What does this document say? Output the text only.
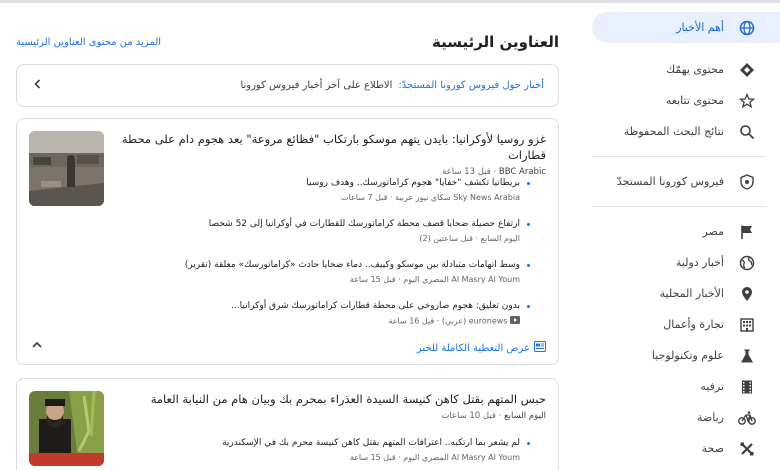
أهم الأخبار
محتوى يهمّك
محتوى تتابعه
نتائج البحث المحفوظة
فيروس كورونا المستجدّ
مصر
أخبار دولية
الأخبار المحلية
تجارة وأعمال
علوم وتكنولوجيا
ترفيه
رياضة
صحة
العناوين الرئيسية
المزيد من محتوى العناوين الرئيسية
أخبار حول فيروس كورونا المستجدّ:
الاطلاع على آخر أخبار فيروس كورونا
غزو روسيا لأوكرانيا: بايدن يتهم موسكو بارتكاب "فظائع مروعة" بعد هجوم دام على محطة قطارات
BBC Arabic · قبل 13 ساعة
بريطانيا تكشف "خفايا" هجوم كراماتورسك.. وهدف روسيا
Sky News Arabia سكاي نيوز عربية · قبل 7 ساعات
ارتفاع حصيلة ضحايا قصف محطة كراماتورسك للقطارات في أوكرانيا إلى 52 شخصا
اليوم السابع · قبل ساعتين (2)
وسط اتهامات متبادلة بين موسكو وكييف.. دماء ضحايا حادث «كراماتورسك» معلقة (تقرير)
Al Masry Al Youm المصري اليوم · قبل 15 ساعة
بدون تعليق: هجوم صاروخي على محطة قطارات كراماتورسك شرق أوكرانيا...
euronews (عربي) · قبل 16 ساعة
عرض التغطية الكاملة للخبر
حبس المتهم بقتل كاهن كنيسة السيدة العذراء بمحرم بك وبيان هام من النيابة العامة
اليوم السابع · قبل 10 ساعات
لم يشعر بما ارتكبه.. اعترافات المتهم بقتل كاهن كنيسة محرم بك في الإسكندرية
Al Masry Al Youm المصري اليوم · قبل 15 ساعة
